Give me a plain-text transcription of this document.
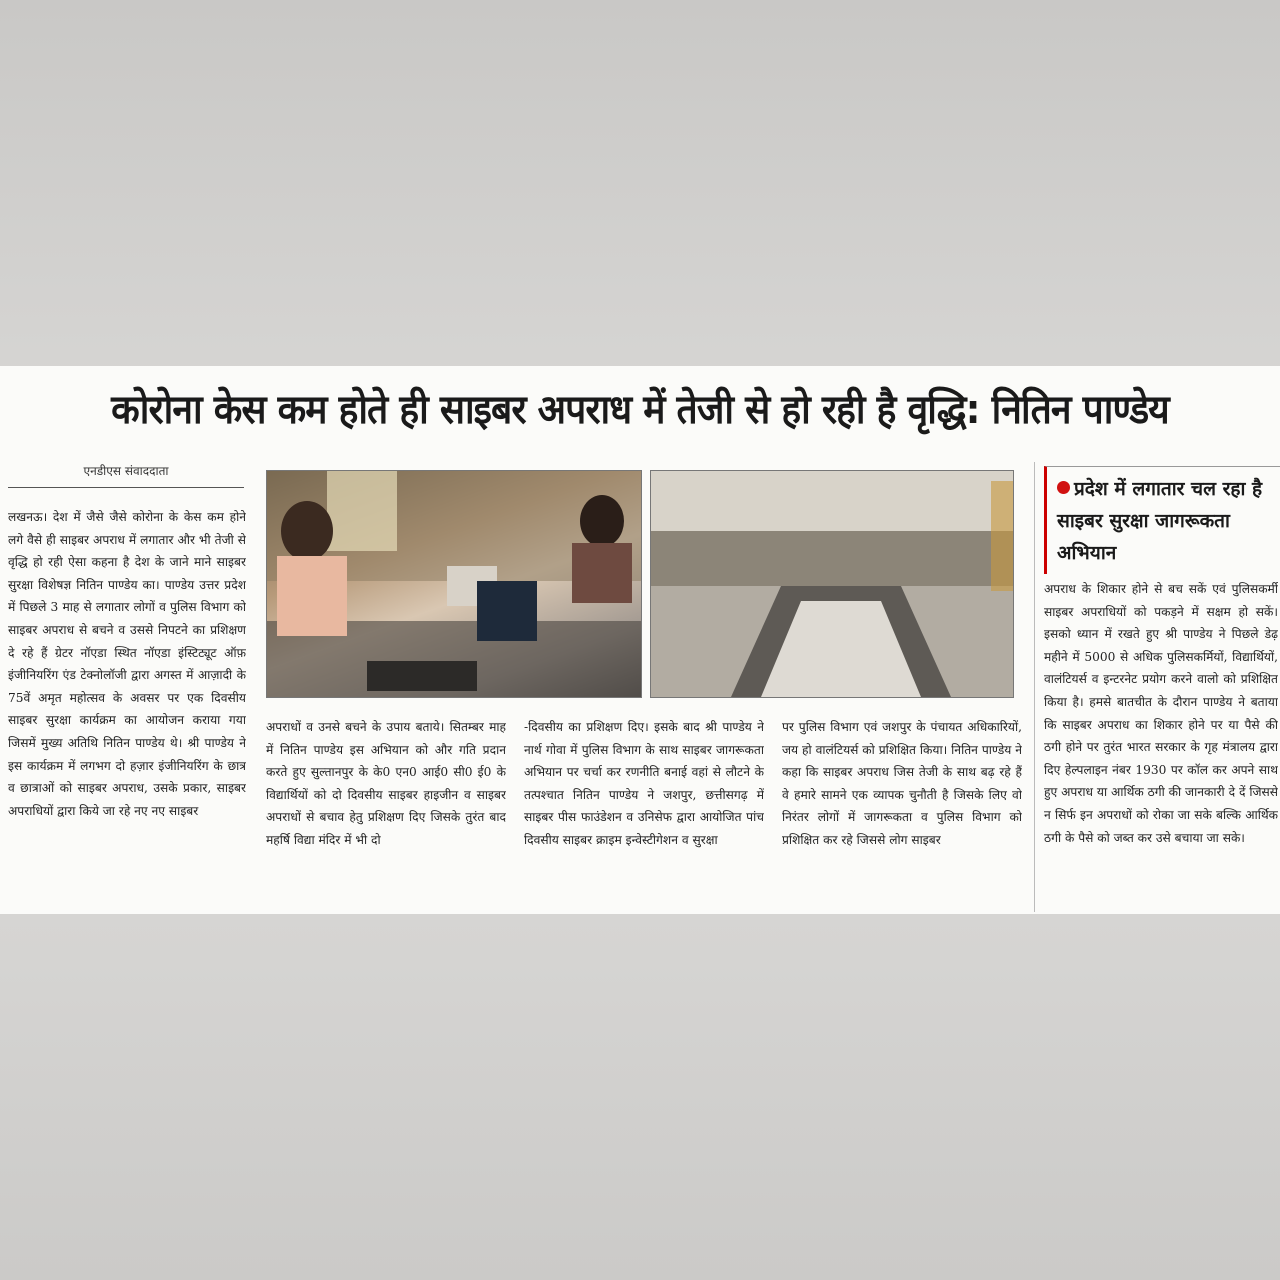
कोरोना केस कम होते ही साइबर अपराध में तेजी से हो रही है वृद्धि: नितिन पाण्डेय
एनडीएस संवाददाता
लखनऊ। देश में जैसे जैसे कोरोना के केस कम होने लगे वैसे ही साइबर अपराध में लगातार और भी तेजी से वृद्धि हो रही ऐसा कहना है देश के जाने माने साइबर सुरक्षा विशेषज्ञ नितिन पाण्डेय का। पाण्डेय उत्तर प्रदेश में पिछले 3 माह से लगातार लोगों व पुलिस विभाग को साइबर अपराध से बचने व उससे निपटने का प्रशिक्षण दे रहे हैं ग्रेटर नॉएडा स्थित नॉएडा इंस्टिट्यूट ऑफ़ इंजीनियरिंग एंड टेक्नोलॉजी द्वारा अगस्त में आज़ादी के 75वें अमृत महोत्सव के अवसर पर एक दिवसीय साइबर सुरक्षा कार्यक्रम का आयोजन कराया गया जिसमें मुख्य अतिथि नितिन पाण्डेय थे। श्री पाण्डेय ने इस कार्यक्रम में लगभग दो हज़ार इंजीनियरिंग के छात्र व छात्राओं को साइबर अपराध, उसके प्रकार, साइबर अपराधियों द्वारा किये जा रहे नए नए साइबर
अपराधों व उनसे बचने के उपाय बताये। सितम्बर माह में नितिन पाण्डेय इस अभियान को और गति प्रदान करते हुए सुल्तानपुर के के0 एन0 आई0 सी0 ई0 के विद्यार्थियों को दो दिवसीय साइबर हाइजीन व साइबर अपराधों से बचाव हेतु प्रशिक्षण दिए जिसके तुरंत बाद महर्षि विद्या मंदिर में भी दो
-दिवसीय का प्रशिक्षण दिए। इसके बाद श्री पाण्डेय ने नार्थ गोवा में पुलिस विभाग के साथ साइबर जागरूकता अभियान पर चर्चा कर रणनीति बनाई वहां से लौटने के तत्पश्चात नितिन पाण्डेय ने जशपुर, छत्तीसगढ़ में साइबर पीस फाउंडेशन व उनिसेफ द्वारा आयोजित पांच दिवसीय साइबर क्राइम इन्वेस्टीगेशन व सुरक्षा
पर पुलिस विभाग एवं जशपुर के पंचायत अधिकारियों, जय हो वालंटियर्स को प्रशिक्षित किया। नितिन पाण्डेय ने कहा कि साइबर अपराध जिस तेजी के साथ बढ़ रहे हैं वे हमारे सामने एक व्यापक चुनौती है जिसके लिए वो निरंतर लोगों में जागरूकता व पुलिस विभाग को प्रशिक्षित कर रहे जिससे लोग साइबर
प्रदेश में लगातार चल रहा है साइबर सुरक्षा जागरूकता अभियान
अपराध के शिकार होने से बच सकें एवं पुलिसकर्मी साइबर अपराधियों को पकड़ने में सक्षम हो सकें। इसको ध्यान में रखते हुए श्री पाण्डेय ने पिछले डेढ़ महीने में 5000 से अधिक पुलिसकर्मियों, विद्यार्थियों, वालंटियर्स व इन्टरनेट प्रयोग करने वालो को प्रशिक्षित किया है। हमसे बातचीत के दौरान पाण्डेय ने बताया कि साइबर अपराध का शिकार होने पर या पैसे की ठगी होने पर तुरंत भारत सरकार के गृह मंत्रालय द्वारा दिए हेल्पलाइन नंबर 1930 पर कॉल कर अपने साथ हुए अपराध या आर्थिक ठगी की जानकारी दे दें जिससे न सिर्फ इन अपराधों को रोका जा सके बल्कि आर्थिक ठगी के पैसे को जब्त कर उसे बचाया जा सके।
